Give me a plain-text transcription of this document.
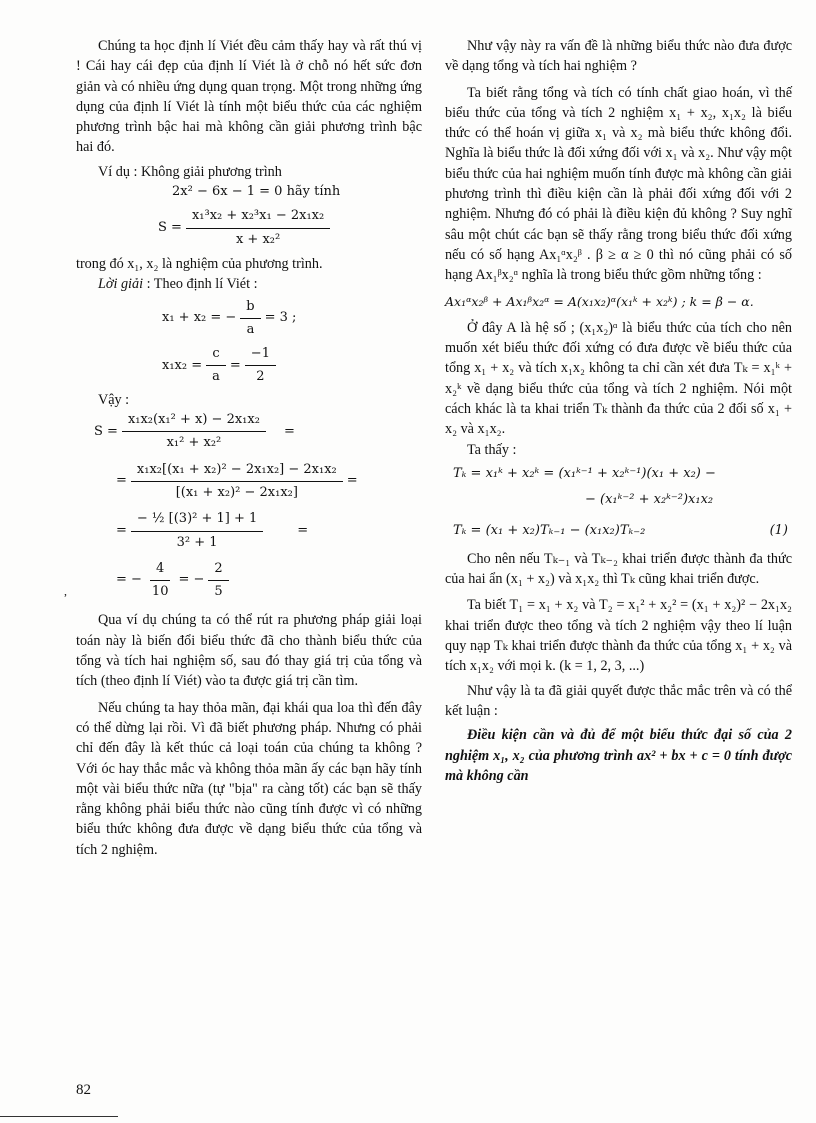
Chúng ta học định lí Viét đều cảm thấy hay và rất thú vị ! Cái hay cái đẹp của định lí Viét là ở chỗ nó hết sức đơn giản và có nhiều ứng dụng quan trọng. Một trong những ứng dụng của định lí Viét là tính một biểu thức của các nghiệm phương trình bậc hai mà không cần giải phương trình bậc hai đó.

Ví dụ : Không giải phương trình

2x² − 6x − 1 = 0 hãy tính
$S = \frac{\text{x₁³x₂ + x₂³x₁ − 2x₁x₂}}{\text{x + x₂²}}$

trong đó x₁, x₂ là nghiệm của phương trình.

Lời giải : Theo định lí Viét :

x₁ + x₂ = − $\frac{b}{a} = 3$ ;
$x_1x_2 = \frac{c}{a} = \frac{-1}{2}$

Vậy :

$S = \frac{\text{x₁x₂(x₁² + x) − 2x₁x₂}}{\text{x₁² + x₂²}}$ =
= $\frac{\text{x₁x₂[(x₁ + x₂)² − 2x₁x₂] − 2x₁x₂}}{\text{[(x₁ + x₂)² − 2x₁x₂]}}$ =
= $\frac{\text{− ½ [(3)² + 1] + 1}}{\text{3² + 1}}$	=
= − $\frac{4}{10}$ = − $\frac{2}{5}$

Qua ví dụ chúng ta có thể rút ra phương pháp giải loại toán này là biến đổi biểu thức đã cho thành biểu thức của tổng và tích hai nghiệm số, sau đó thay giá trị của tổng và tích (theo định lí Viét) vào ta được giá trị cần tìm.

Nếu chúng ta hay thỏa mãn, đại khái qua loa thì đến đây có thể dừng lại rồi. Vì đã biết phương pháp. Nhưng có phải chỉ đến đây là kết thúc cả loại toán của chúng ta không ? Với óc hay thắc mắc và không thỏa mãn ấy các bạn hãy tính một vài biểu thức nữa (tự "bịa" ra càng tốt) các bạn sẽ thấy rằng không phải biểu thức nào cũng tính được vì có những biểu thức không đưa được về dạng biểu thức của tổng và tích 2 nghiệm.

Như vậy này ra vấn đề là những biểu thức nào đưa được về dạng tổng và tích hai nghiệm ?

Ta biết rằng tổng và tích có tính chất giao hoán, vì thế biểu thức của tổng và tích 2 nghiệm x₁ + x₂, x₁x₂ là biểu thức có thể hoán vị giữa x₁ và x₂ mà biểu thức không đổi. Nghĩa là biểu thức là đối xứng đối với x₁ và x₂. Như vậy một biểu thức của hai nghiệm muốn tính được mà không cần giải phương trình thì điều kiện cần là phải đối xứng đối với 2 nghiệm. Nhưng đó có phải là điều kiện đủ không ? Suy nghĩ sâu một chút các bạn sẽ thấy rằng trong biểu thức đối xứng nếu có số hạng Ax₁ᵅx₂ᵝ . β ≥ α ≥ 0 thì nó cũng phải có số hạng Ax₁ᵝx₂ᵅ nghĩa là trong biểu thức gồm những tổng :

Ax₁ᵅx₂ᵝ + Ax₁ᵝx₂ᵅ = A(x₁x₂)ᵅ(x₁ᵏ + x₂ᵏ) ; k = β − α.

Ở đây A là hệ số ; (x₁x₂)ᵅ là biểu thức của tích cho nên muốn xét biểu thức đối xứng có đưa được về biểu thức của tổng x₁ + x₂ và tích x₁x₂ không ta chỉ cần xét đưa Tₖ = x₁ᵏ + x₂ᵏ về dạng biểu thức của tổng và tích 2 nghiệm. Nói một cách khác là ta khai triển Tₖ thành đa thức của 2 đối số x₁ + x₂ và x₁x₂.

Ta thấy :

Tₖ = x₁ᵏ + x₂ᵏ = (x₁ᵏ⁻¹ + x₂ᵏ⁻¹)(x₁ + x₂) −
− (x₁ᵏ⁻² + x₂ᵏ⁻²)x₁x₂
Tₖ = (x₁ + x₂)Tₖ₋₁ − (x₁x₂)Tₖ₋₂	(1)

Cho nên nếu Tₖ₋₁ và Tₖ₋₂ khai triển được thành đa thức của hai ẩn (x₁ + x₂) và x₁x₂ thì Tₖ cũng khai triển được.

Ta biết T₁ = x₁ + x₂ và T₂ = x₁² + x₂² = (x₁ + x₂)² − 2x₁x₂ khai triển được theo tổng và tích 2 nghiệm vậy theo lí luận quy nạp Tₖ khai triển được thành đa thức của tổng x₁ + x₂ và tích x₁x₂ với mọi k. (k = 1, 2, 3, ...)

Như vậy là ta đã giải quyết được thắc mắc trên và có thể kết luận :

Điều kiện cần và đủ để một biểu thức đại số của 2 nghiệm x₁, x₂ của phương trình ax² + bx + c = 0 tính được mà không cần

,
82
